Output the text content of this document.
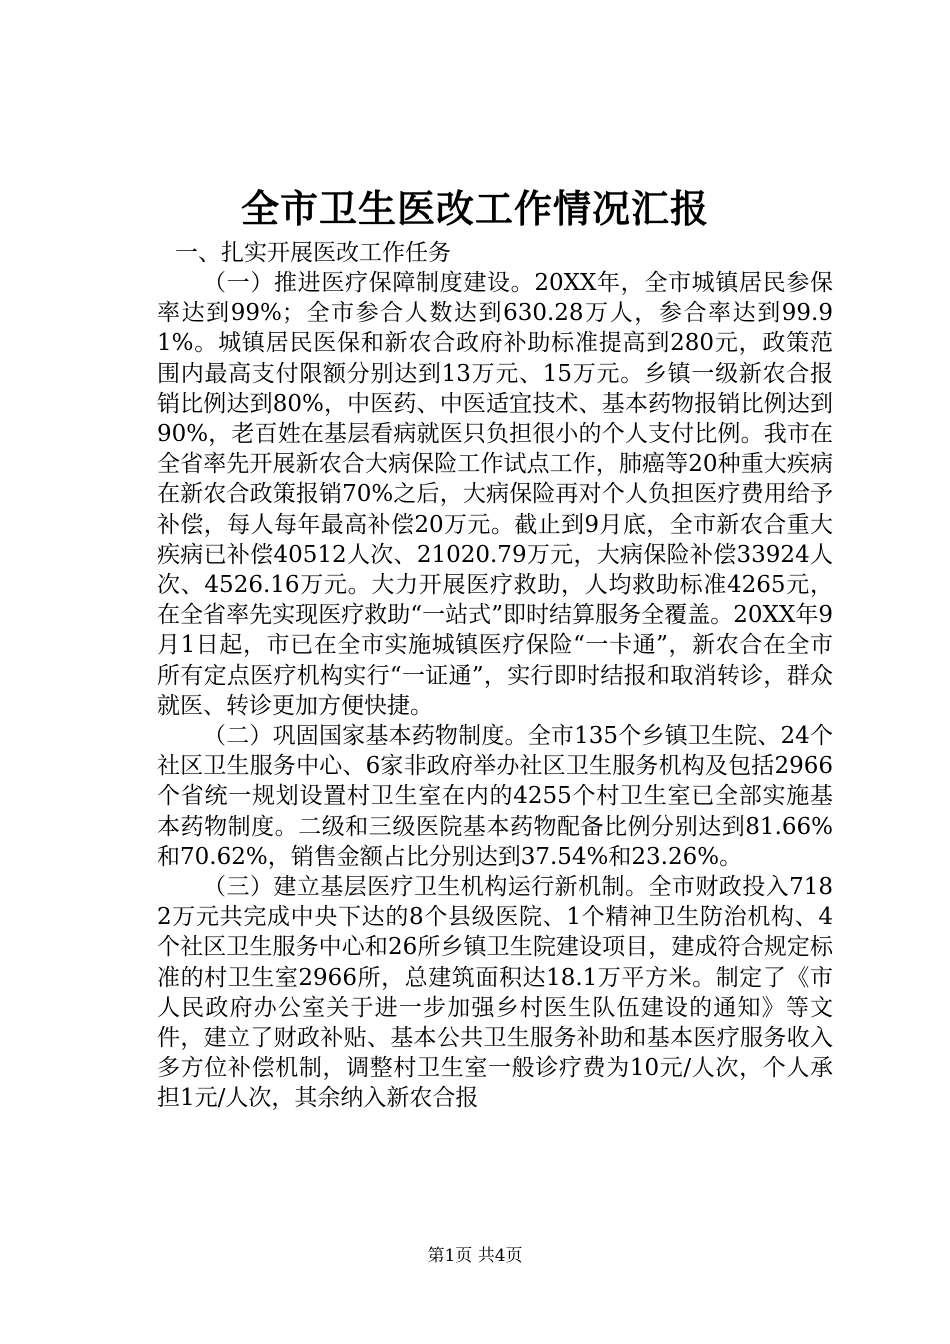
全市卫生医改工作情况汇报

一、扎实开展医改工作任务

（一）推进医疗保障制度建设。20XX年，全市城镇居民参保率达到99%；全市参合人数达到630.28万人，参合率达到99.91%。城镇居民医保和新农合政府补助标准提高到280元，政策范围内最高支付限额分别达到13万元、15万元。乡镇一级新农合报销比例达到80%，中医药、中医适宜技术、基本药物报销比例达到90%，老百姓在基层看病就医只负担很小的个人支付比例。我市在全省率先开展新农合大病保险工作试点工作，肺癌等20种重大疾病在新农合政策报销70%之后，大病保险再对个人负担医疗费用给予补偿，每人每年最高补偿20万元。截止到9月底，全市新农合重大疾病已补偿40512人次、21020.79万元，大病保险补偿33924人次、4526.16万元。大力开展医疗救助，人均救助标准4265元，在全省率先实现医疗救助“一站式”即时结算服务全覆盖。20XX年9月1日起，市已在全市实施城镇医疗保险“一卡通”，新农合在全市所有定点医疗机构实行“一证通”，实行即时结报和取消转诊，群众就医、转诊更加方便快捷。

（二）巩固国家基本药物制度。全市135个乡镇卫生院、24个社区卫生服务中心、6家非政府举办社区卫生服务机构及包括2966个省统一规划设置村卫生室在内的4255个村卫生室已全部实施基本药物制度。二级和三级医院基本药物配备比例分别达到81.66%和70.62%，销售金额占比分别达到37.54%和23.26%。

（三）建立基层医疗卫生机构运行新机制。全市财政投入7182万元共完成中央下达的8个县级医院、1个精神卫生防治机构、4个社区卫生服务中心和26所乡镇卫生院建设项目，建成符合规定标准的村卫生室2966所，总建筑面积达18.1万平方米。制定了《市人民政府办公室关于进一步加强乡村医生队伍建设的通知》等文件，建立了财政补贴、基本公共卫生服务补助和基本医疗服务收入多方位补偿机制，调整村卫生室一般诊疗费为10元/人次，个人承担1元/人次，其余纳入新农合报

第1页 共4页
